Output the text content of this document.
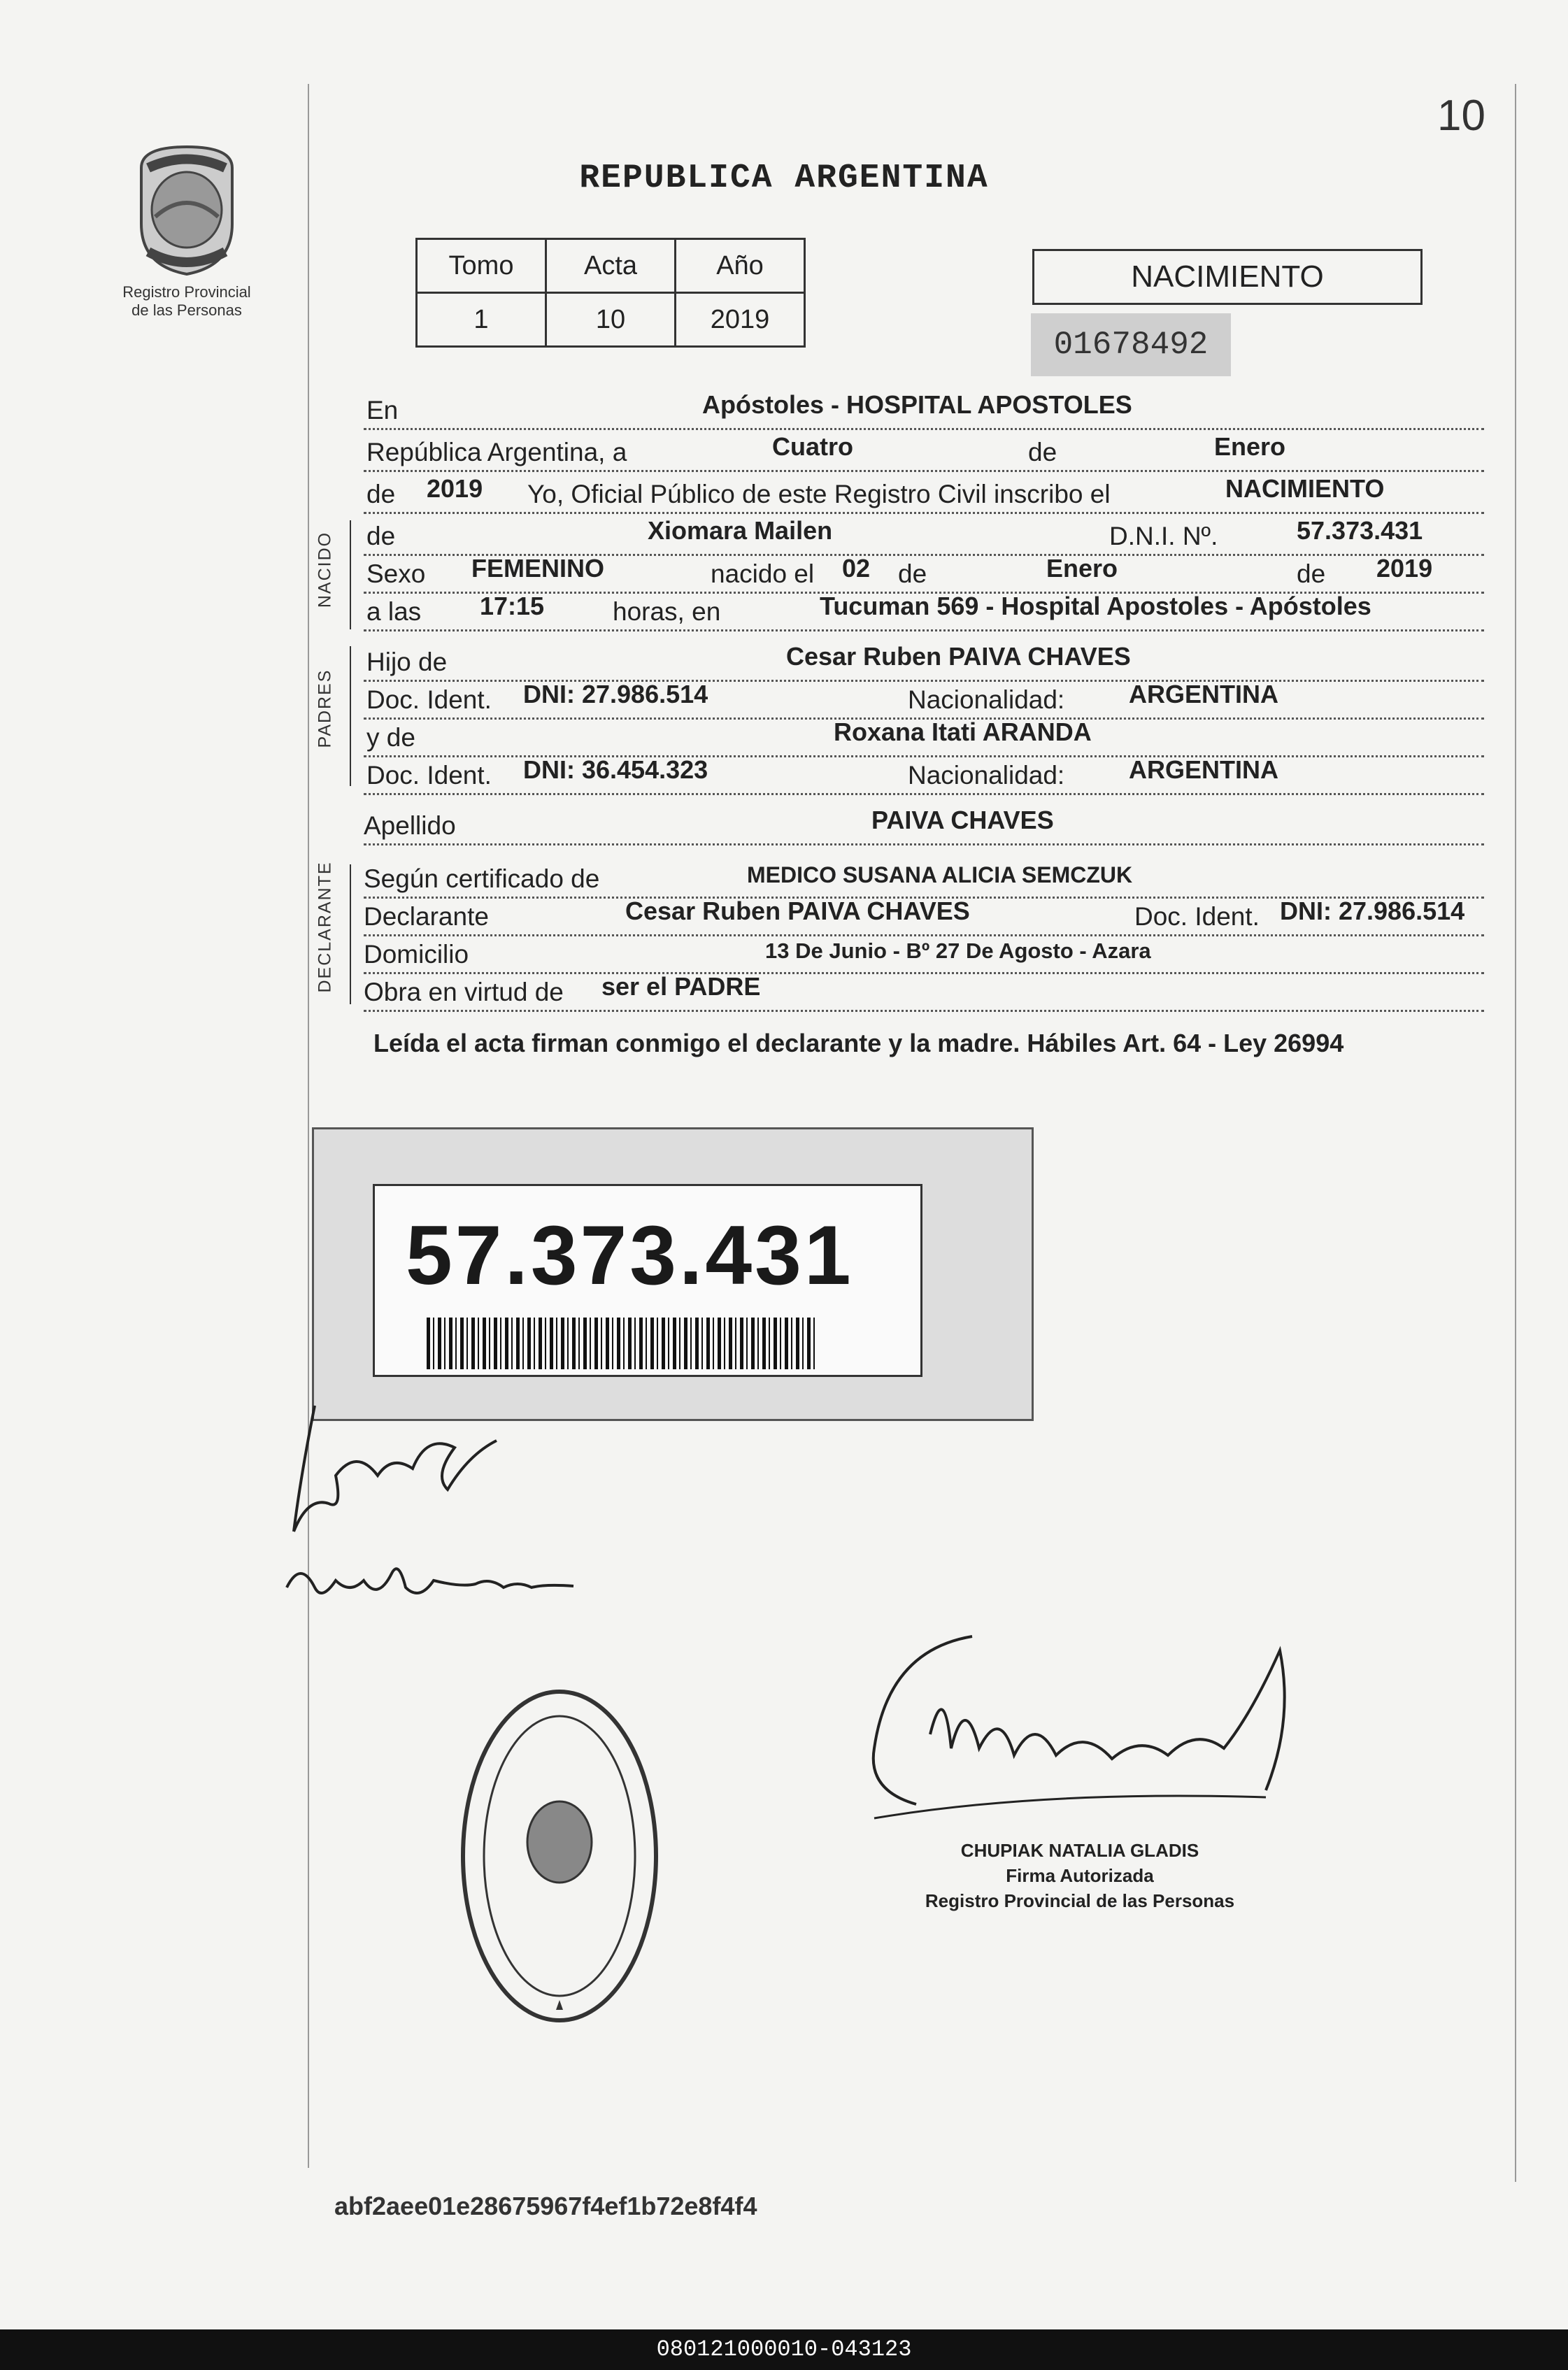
10
Registro Provincial
de las Personas
REPUBLICA ARGENTINA
Tomo	Acta	Año
1	10	2019
NACIMIENTO
01678492
En	Apóstoles - HOSPITAL APOSTOLES
República Argentina, a	Cuatro	de	Enero
de 2019 Yo, Oficial Público de este Registro Civil inscribo el	NACIMIENTO
NACIDO de	Xiomara Mailen	D.N.I. Nº.	57.373.431
Sexo FEMENINO	nacido el 02 de	Enero	de 2019
a las 17:15	horas, en	Tucuman 569 - Hospital Apostoles - Apóstoles
PADRES
Hijo de	Cesar Ruben PAIVA CHAVES
Doc. Ident. DNI: 27.986.514	Nacionalidad:	ARGENTINA
y de	Roxana Itati ARANDA
Doc. Ident. DNI: 36.454.323	Nacionalidad:	ARGENTINA
Apellido	PAIVA CHAVES
DECLARANTE Según certificado de	MEDICO SUSANA ALICIA SEMCZUK
Declarante	Cesar Ruben PAIVA CHAVES	Doc. Ident. DNI: 27.986.514
Domicilio	13 De Junio - Bº 27 De Agosto - Azara
Obra en virtud de ser el PADRE
Leída el acta firman conmigo el declarante y la madre. Hábiles Art. 64 - Ley 26994
57.373.431
CHUPIAK NATALIA GLADIS
Firma Autorizada
Registro Provincial de las Personas
abf2aee01e28675967f4ef1b72e8f4f4
080121000010-043123
